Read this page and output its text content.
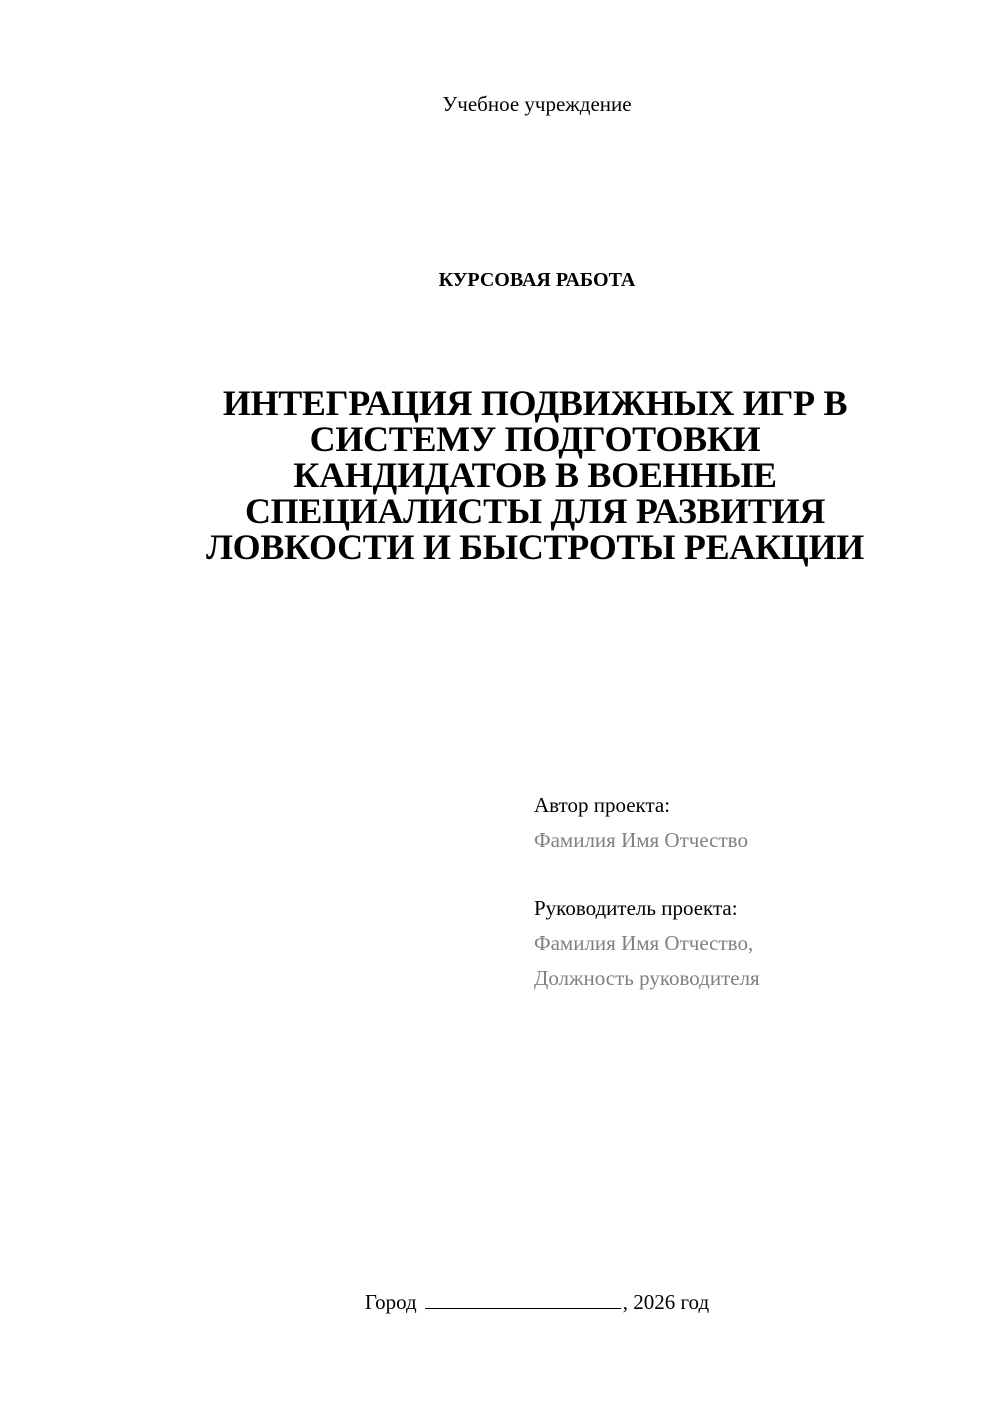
Учебное учреждение
КУРСОВАЯ РАБОТА
ИНТЕГРАЦИЯ ПОДВИЖНЫХ ИГР В
СИСТЕМУ ПОДГОТОВКИ
КАНДИДАТОВ В ВОЕННЫЕ
СПЕЦИАЛИСТЫ ДЛЯ РАЗВИТИЯ
ЛОВКОСТИ И БЫСТРОТЫ РЕАКЦИИ
Автор проекта:
Фамилия Имя Отчество
Руководитель проекта:
Фамилия Имя Отчество,
Должность руководителя
Город	, 2026 год
